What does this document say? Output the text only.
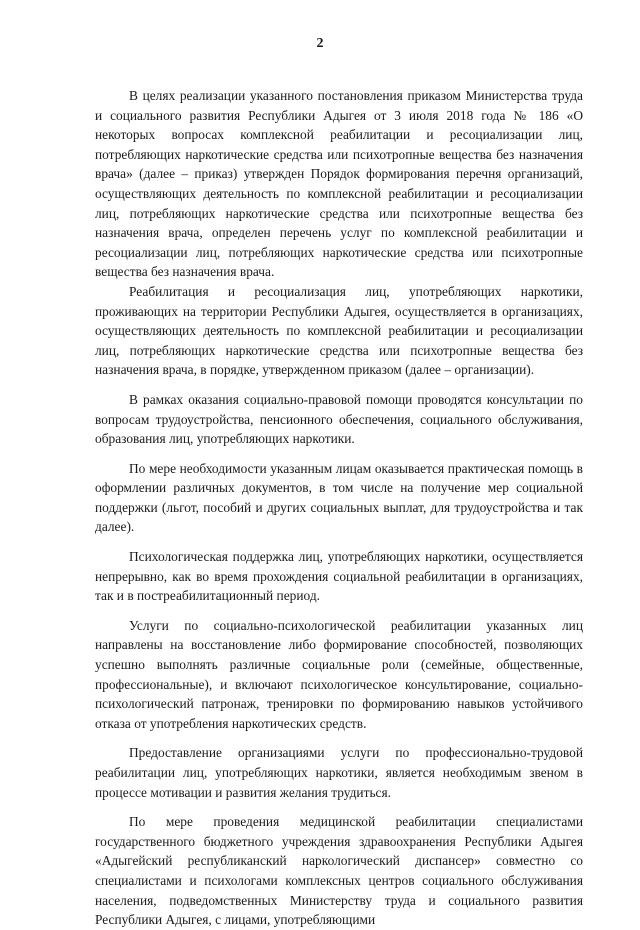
2

В целях реализации указанного постановления приказом Министерства труда и социального развития Республики Адыгея от 3 июля 2018 года № 186 «О некоторых вопросах комплексной реабилитации и ресоциализации лиц, потребляющих наркотические средства или психотропные вещества без назначения врача» (далее – приказ) утвержден Порядок формирования перечня организаций, осуществляющих деятельность по комплексной реабилитации и ресоциализации лиц, потребляющих наркотические средства или психотропные вещества без назначения врача, определен перечень услуг по комплексной реабилитации и ресоциализации лиц, потребляющих наркотические средства или психотропные вещества без назначения врача.

Реабилитация и ресоциализация лиц, употребляющих наркотики, проживающих на территории Республики Адыгея, осуществляется в организациях, осуществляющих деятельность по комплексной реабилитации и ресоциализации лиц, потребляющих наркотические средства или психотропные вещества без назначения врача, в порядке, утвержденном приказом (далее – организации).

В рамках оказания социально-правовой помощи проводятся консультации по вопросам трудоустройства, пенсионного обеспечения, социального обслуживания, образования лиц, употребляющих наркотики.

По мере необходимости указанным лицам оказывается практическая помощь в оформлении различных документов, в том числе на получение мер социальной поддержки (льгот, пособий и других социальных выплат, для трудоустройства и так далее).

Психологическая поддержка лиц, употребляющих наркотики, осуществляется непрерывно, как во время прохождения социальной реабилитации в организациях, так и в постреабилитационный период.

Услуги по социально-психологической реабилитации указанных лиц направлены на восстановление либо формирование способностей, позволяющих успешно выполнять различные социальные роли (семейные, общественные, профессиональные), и включают психологическое консультирование, социально-психологический патронаж, тренировки по формированию навыков устойчивого отказа от употребления наркотических средств.

Предоставление организациями услуги по профессионально-трудовой реабилитации лиц, употребляющих наркотики, является необходимым звеном в процессе мотивации и развития желания трудиться.

По мере проведения медицинской реабилитации специалистами государственного бюджетного учреждения здравоохранения Республики Адыгея «Адыгейский республиканский наркологический диспансер» совместно со специалистами и психологами комплексных центров социального обслуживания населения, подведомственных Министерству труда и социального развития Республики Адыгея, с лицами, употребляющими
